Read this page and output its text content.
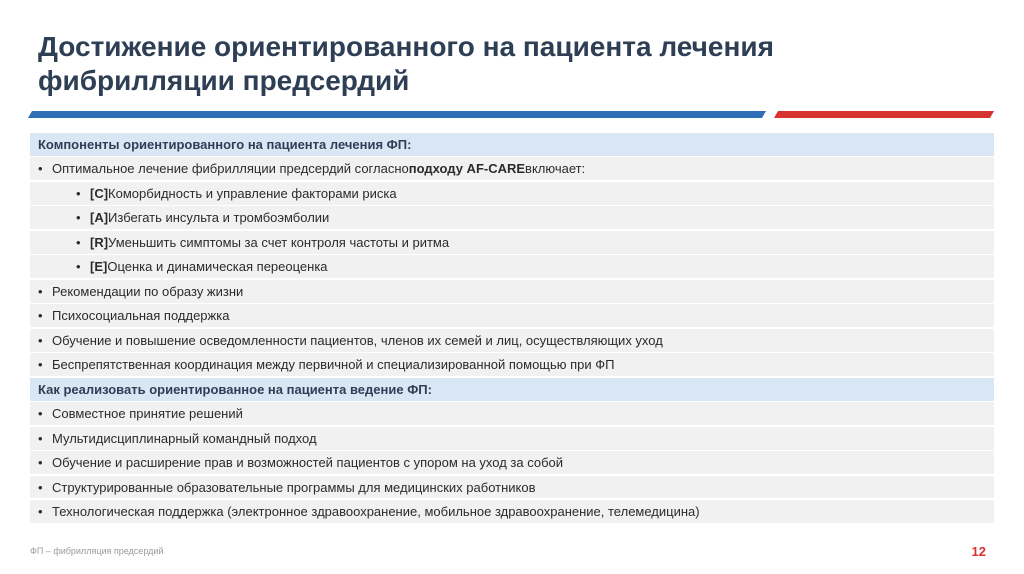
Достижение ориентированного на пациента лечения фибрилляции предсердий
Компоненты ориентированного на пациента лечения ФП:
• Оптимальное лечение фибрилляции предсердий согласно подходу AF-CARE включает:
• [C] Коморбидность и управление факторами риска
• [A] Избегать инсульта и тромбоэмболии
• [R] Уменьшить симптомы за счет контроля частоты и ритма
• [E] Оценка и динамическая переоценка
• Рекомендации по образу жизни
• Психосоциальная поддержка
• Обучение и повышение осведомленности пациентов, членов их семей и лиц, осуществляющих уход
• Беспрепятственная координация между первичной и специализированной помощью при ФП
Как реализовать ориентированное на пациента ведение ФП:
• Совместное принятие решений
• Мультидисциплинарный командный подход
• Обучение и расширение прав и возможностей пациентов с упором на уход за собой
• Структурированные образовательные программы для медицинских работников
• Технологическая поддержка (электронное здравоохранение, мобильное здравоохранение, телемедицина)
ФП – фибрилляция предсердий	12
